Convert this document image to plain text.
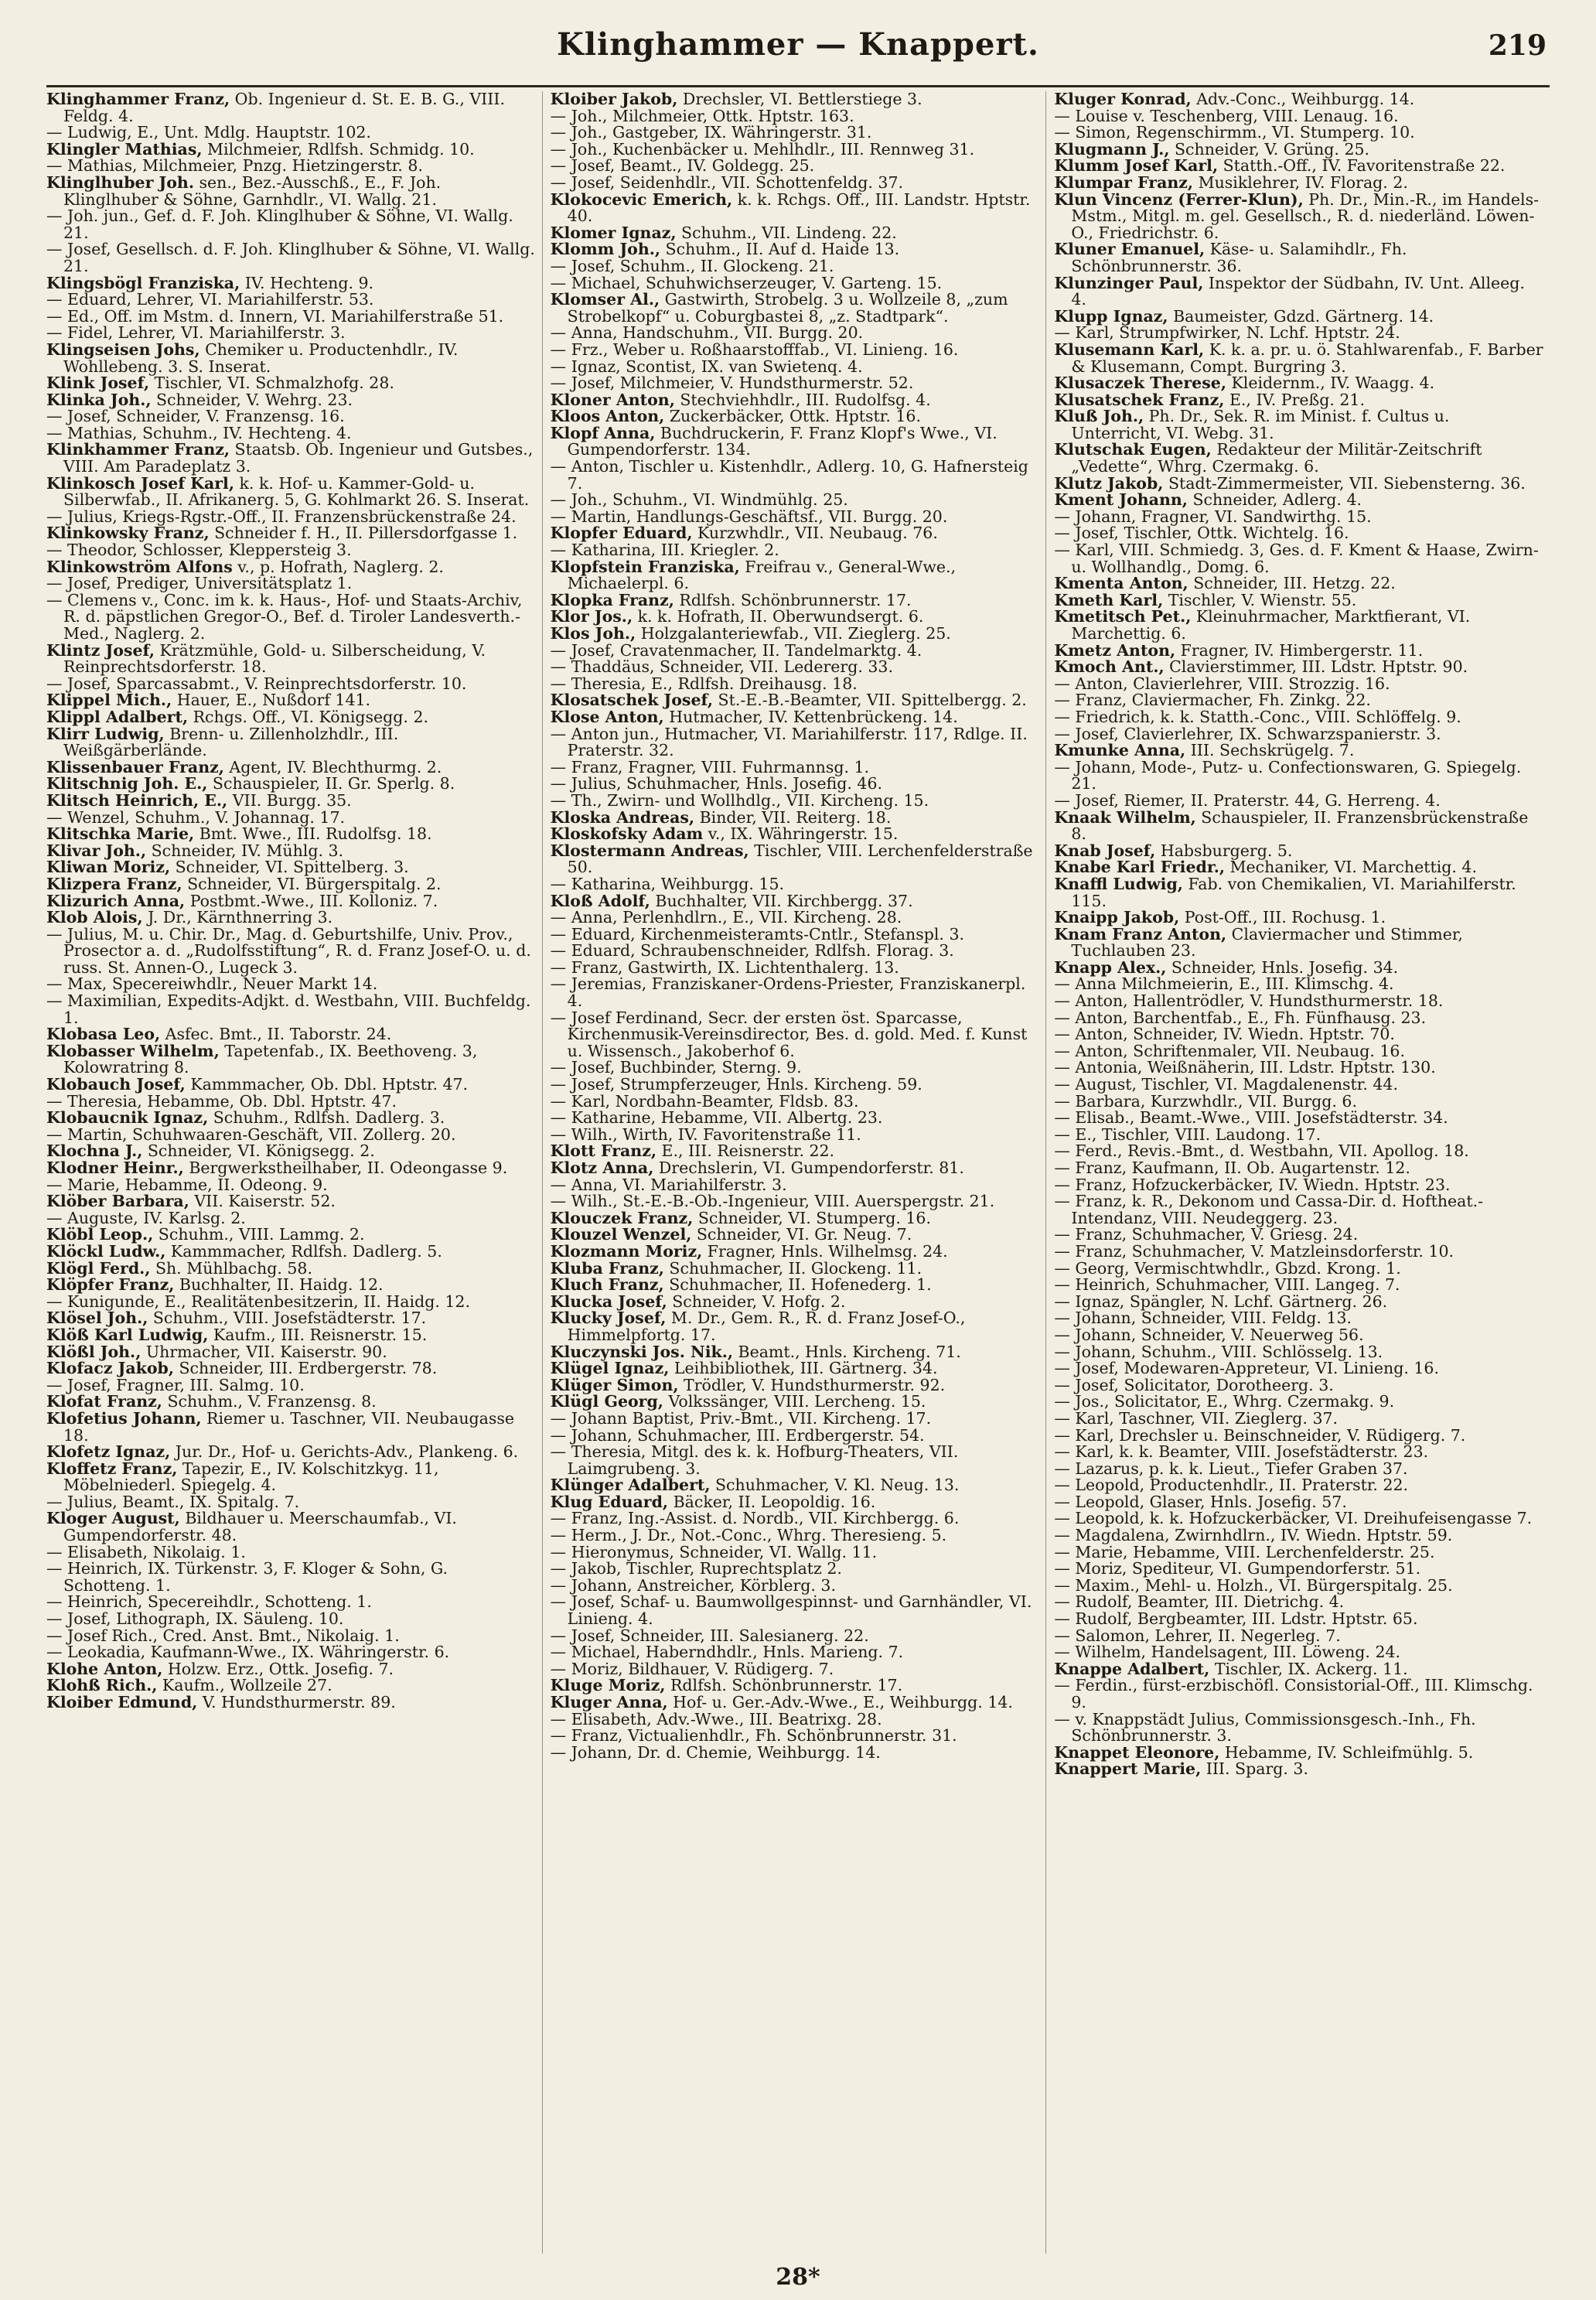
Klinghammer — Knappert.	219
Klinghammer Franz, Ob. Ingenieur d. St. E. B. G., VIII. Feldg. 4.
— Ludwig, E., Unt. Mdlg. Hauptstr. 102.
Klingler Mathias, Milchmeier, Rdlfsh. Schmidg. 10.
— Mathias, Milchmeier, Pnzg. Hietzingerstr. 8.
Klinglhuber Joh. sen., Bez.-Ausschß., E., F. Joh. Klinglhuber & Söhne, Garnhdlr., VI. Wallg. 21.
— Joh. jun., Gef. d. F. Joh. Klinglhuber & Söhne, VI. Wallg. 21.
— Josef, Gesellsch. d. F. Joh. Klinglhuber & Söhne, VI. Wallg. 21.
Klingsbögl Franziska, IV. Hechteng. 9.
— Eduard, Lehrer, VI. Mariahilferstr. 53.
— Ed., Off. im Mstm. d. Innern, VI. Mariahilferstraße 51.
— Fidel, Lehrer, VI. Mariahilferstr. 3.
Klingseisen Johs, Chemiker u. Productenhdlr., IV. Wohllebeng. 3. S. Inserat.
Klink Josef, Tischler, VI. Schmalzhofg. 28.
Klinka Joh., Schneider, V. Wehrg. 23.
— Josef, Schneider, V. Franzensg. 16.
— Mathias, Schuhm., IV. Hechteng. 4.
Klinkhammer Franz, Staatsb. Ob. Ingenieur und Gutsbes., VIII. Am Paradeplatz 3.
Klinkosch Josef Karl, k. k. Hof- u. Kammer-Gold- u. Silberwfab., II. Afrikanerg. 5, G. Kohlmarkt 26. S. Inserat.
— Julius, Kriegs-Rgstr.-Off., II. Franzensbrückenstraße 24.
Klinkowsky Franz, Schneider f. H., II. Pillersdorfgasse 1.
— Theodor, Schlosser, Kleppersteig 3.
Klinkowström Alfons v., p. Hofrath, Naglerg. 2.
— Josef, Prediger, Universitätsplatz 1.
— Clemens v., Conc. im k. k. Haus-, Hof- und Staats-Archiv, R. d. päpstlichen Gregor-O., Bef. d. Tiroler Landesverth.-Med., Naglerg. 2.
Klintz Josef, Krätzmühle, Gold- u. Silberscheidung, V. Reinprechtsdorferstr. 18.
— Josef, Sparcassabmt., V. Reinprechtsdorferstr. 10.
Klippel Mich., Hauer, E., Nußdorf 141.
Klippl Adalbert, Rchgs. Off., VI. Königsegg. 2.
Klirr Ludwig, Brenn- u. Zillenholzhdlr., III. Weißgärberlände.
Klissenbauer Franz, Agent, IV. Blechthurmg. 2.
Klitschnig Joh. E., Schauspieler, II. Gr. Sperlg. 8.
Klitsch Heinrich, E., VII. Burgg. 35.
— Wenzel, Schuhm., V. Johannag. 17.
Klitschka Marie, Bmt. Wwe., III. Rudolfsg. 18.
Klivar Joh., Schneider, IV. Mühlg. 3.
Kliwan Moriz, Schneider, VI. Spittelberg. 3.
Klizpera Franz, Schneider, VI. Bürgerspitalg. 2.
Klizurich Anna, Postbmt.-Wwe., III. Kolloniz. 7.
Klob Alois, J. Dr., Kärnthnerring 3.
— Julius, M. u. Chir. Dr., Mag. d. Geburtshilfe, Univ. Prov., Prosector a. d. „Rudolfsstiftung“, R. d. Franz Josef-O. u. d. russ. St. Annen-O., Lugeck 3.
— Max, Specereiwhdlr., Neuer Markt 14.
— Maximilian, Expedits-Adjkt. d. Westbahn, VIII. Buchfeldg. 1.
Klobasa Leo, Asfec. Bmt., II. Taborstr. 24.
Klobasser Wilhelm, Tapetenfab., IX. Beethoveng. 3, Kolowratring 8.
Klobauch Josef, Kammmacher, Ob. Dbl. Hptstr. 47.
— Theresia, Hebamme, Ob. Dbl. Hptstr. 47.
Klobaucnik Ignaz, Schuhm., Rdlfsh. Dadlerg. 3.
— Martin, Schuhwaaren-Geschäft, VII. Zollerg. 20.
Klochna J., Schneider, VI. Königsegg. 2.
Klodner Heinr., Bergwerkstheilhaber, II. Odeongasse 9.
— Marie, Hebamme, II. Odeong. 9.
Klöber Barbara, VII. Kaiserstr. 52.
— Auguste, IV. Karlsg. 2.
Klöbl Leop., Schuhm., VIII. Lammg. 2.
Klöckl Ludw., Kammmacher, Rdlfsh. Dadlerg. 5.
Klögl Ferd., Sh. Mühlbachg. 58.
Klöpfer Franz, Buchhalter, II. Haidg. 12.
— Kunigunde, E., Realitätenbesitzerin, II. Haidg. 12.
Klösel Joh., Schuhm., VIII. Josefstädterstr. 17.
Klöß Karl Ludwig, Kaufm., III. Reisnerstr. 15.
Klößl Joh., Uhrmacher, VII. Kaiserstr. 90.
Klofacz Jakob, Schneider, III. Erdbergerstr. 78.
— Josef, Fragner, III. Salmg. 10.
Klofat Franz, Schuhm., V. Franzensg. 8.
Klofetius Johann, Riemer u. Taschner, VII. Neubaugasse 18.
Klofetz Ignaz, Jur. Dr., Hof- u. Gerichts-Adv., Plankeng. 6.
Kloffetz Franz, Tapezir, E., IV. Kolschitzkyg. 11, Möbelniederl. Spiegelg. 4.
— Julius, Beamt., IX. Spitalg. 7.
Kloger August, Bildhauer u. Meerschaumfab., VI. Gumpendorferstr. 48.
— Elisabeth, Nikolaig. 1.
— Heinrich, IX. Türkenstr. 3, F. Kloger & Sohn, G. Schotteng. 1.
— Heinrich, Specereihdlr., Schotteng. 1.
— Josef, Lithograph, IX. Säuleng. 10.
— Josef Rich., Cred. Anst. Bmt., Nikolaig. 1.
— Leokadia, Kaufmann-Wwe., IX. Währingerstr. 6.
Klohe Anton, Holzw. Erz., Ottk. Josefig. 7.
Klohß Rich., Kaufm., Wollzeile 27.
Kloiber Edmund, V. Hundsthurmerstr. 89.
Kloiber Jakob, Drechsler, VI. Bettlerstiege 3.
— Joh., Milchmeier, Ottk. Hptstr. 163.
— Joh., Gastgeber, IX. Währingerstr. 31.
— Joh., Kuchenbäcker u. Mehlhdlr., III. Rennweg 31.
— Josef, Beamt., IV. Goldegg. 25.
— Josef, Seidenhdlr., VII. Schottenfeldg. 37.
Klokocevic Emerich, k. k. Rchgs. Off., III. Landstr. Hptstr. 40.
Klomer Ignaz, Schuhm., VII. Lindeng. 22.
Klomm Joh., Schuhm., II. Auf d. Haide 13.
— Josef, Schuhm., II. Glockeng. 21.
— Michael, Schuhwichserzeuger, V. Garteng. 15.
Klomser Al., Gastwirth, Strobelg. 3 u. Wollzeile 8, „zum Strobelkopf“ u. Coburgbastei 8, „z. Stadtpark“.
— Anna, Handschuhm., VII. Burgg. 20.
— Frz., Weber u. Roßhaarstofffab., VI. Linieng. 16.
— Ignaz, Scontist, IX. van Swietenq. 4.
— Josef, Milchmeier, V. Hundsthurmerstr. 52.
Kloner Anton, Stechviehhdlr., III. Rudolfsg. 4.
Kloos Anton, Zuckerbäcker, Ottk. Hptstr. 16.
Klopf Anna, Buchdruckerin, F. Franz Klopf's Wwe., VI. Gumpendorferstr. 134.
— Anton, Tischler u. Kistenhdlr., Adlerg. 10, G. Hafnersteig 7.
— Joh., Schuhm., VI. Windmühlg. 25.
— Martin, Handlungs-Geschäftsf., VII. Burgg. 20.
Klopfer Eduard, Kurzwhdlr., VII. Neubaug. 76.
— Katharina, III. Kriegler. 2.
Klopfstein Franziska, Freifrau v., General-Wwe., Michaelerpl. 6.
Klopka Franz, Rdlfsh. Schönbrunnerstr. 17.
Klor Jos., k. k. Hofrath, II. Oberwundsergt. 6.
Klos Joh., Holzgalanteriewfab., VII. Zieglerg. 25.
— Josef, Cravatenmacher, II. Tandelmarktg. 4.
— Thaddäus, Schneider, VII. Ledererg. 33.
— Theresia, E., Rdlfsh. Dreihausg. 18.
Klosatschek Josef, St.-E.-B.-Beamter, VII. Spittelbergg. 2.
Klose Anton, Hutmacher, IV. Kettenbrückeng. 14.
— Anton jun., Hutmacher, VI. Mariahilferstr. 117, Rdlge. II. Praterstr. 32.
— Franz, Fragner, VIII. Fuhrmannsg. 1.
— Julius, Schuhmacher, Hnls. Josefig. 46.
— Th., Zwirn- und Wollhdlg., VII. Kircheng. 15.
Kloska Andreas, Binder, VII. Reiterg. 18.
Kloskofsky Adam v., IX. Währingerstr. 15.
Klostermann Andreas, Tischler, VIII. Lerchenfelderstraße 50.
— Katharina, Weihburgg. 15.
Kloß Adolf, Buchhalter, VII. Kirchbergg. 37.
— Anna, Perlenhdlrn., E., VII. Kircheng. 28.
— Eduard, Kirchenmeisteramts-Cntlr., Stefanspl. 3.
— Eduard, Schraubenschneider, Rdlfsh. Florag. 3.
— Franz, Gastwirth, IX. Lichtenthalerg. 13.
— Jeremias, Franziskaner-Ordens-Priester, Franziskanerpl. 4.
— Josef Ferdinand, Secr. der ersten öst. Sparcasse, Kirchenmusik-Vereinsdirector, Bes. d. gold. Med. f. Kunst u. Wissensch., Jakoberhof 6.
— Josef, Buchbinder, Sterng. 9.
— Josef, Strumpferzeuger, Hnls. Kircheng. 59.
— Karl, Nordbahn-Beamter, Fldsb. 83.
— Katharine, Hebamme, VII. Albertg. 23.
— Wilh., Wirth, IV. Favoritenstraße 11.
Klott Franz, E., III. Reisnerstr. 22.
Klotz Anna, Drechslerin, VI. Gumpendorferstr. 81.
— Anna, VI. Mariahilferstr. 3.
— Wilh., St.-E.-B.-Ob.-Ingenieur, VIII. Auerspergstr. 21.
Klouczek Franz, Schneider, VI. Stumperg. 16.
Klouzel Wenzel, Schneider, VI. Gr. Neug. 7.
Klozmann Moriz, Fragner, Hnls. Wilhelmsg. 24.
Kluba Franz, Schuhmacher, II. Glockeng. 11.
Kluch Franz, Schuhmacher, II. Hofenederg. 1.
Klucka Josef, Schneider, V. Hofg. 2.
Klucky Josef, M. Dr., Gem. R., R. d. Franz Josef-O., Himmelpfortg. 17.
Kluczynski Jos. Nik., Beamt., Hnls. Kircheng. 71.
Klügel Ignaz, Leihbibliothek, III. Gärtnerg. 34.
Klüger Simon, Trödler, V. Hundsthurmerstr. 92.
Klügl Georg, Volkssänger, VIII. Lercheng. 15.
— Johann Baptist, Priv.-Bmt., VII. Kircheng. 17.
— Johann, Schuhmacher, III. Erdbergerstr. 54.
— Theresia, Mitgl. des k. k. Hofburg-Theaters, VII. Laimgrubeng. 3.
Klünger Adalbert, Schuhmacher, V. Kl. Neug. 13.
Klug Eduard, Bäcker, II. Leopoldig. 16.
— Franz, Ing.-Assist. d. Nordb., VII. Kirchbergg. 6.
— Herm., J. Dr., Not.-Conc., Whrg. Theresieng. 5.
— Hieronymus, Schneider, VI. Wallg. 11.
— Jakob, Tischler, Ruprechtsplatz 2.
— Johann, Anstreicher, Körblerg. 3.
— Josef, Schaf- u. Baumwollgespinnst- und Garnhändler, VI. Linieng. 4.
— Josef, Schneider, III. Salesianerg. 22.
— Michael, Haberndhdlr., Hnls. Marieng. 7.
— Moriz, Bildhauer, V. Rüdigerg. 7.
Kluge Moriz, Rdlfsh. Schönbrunnerstr. 17.
Kluger Anna, Hof- u. Ger.-Adv.-Wwe., E., Weihburgg. 14.
— Elisabeth, Adv.-Wwe., III. Beatrixg. 28.
— Franz, Victualienhdlr., Fh. Schönbrunnerstr. 31.
— Johann, Dr. d. Chemie, Weihburgg. 14.
Kluger Konrad, Adv.-Conc., Weihburgg. 14.
— Louise v. Teschenberg, VIII. Lenaug. 16.
— Simon, Regenschirmm., VI. Stumperg. 10.
Klugmann J., Schneider, V. Grüng. 25.
Klumm Josef Karl, Statth.-Off., IV. Favoritenstraße 22.
Klumpar Franz, Musiklehrer, IV. Florag. 2.
Klun Vincenz (Ferrer-Klun), Ph. Dr., Min.-R., im Handels-Mstm., Mitgl. m. gel. Gesellsch., R. d. niederländ. Löwen-O., Friedrichstr. 6.
Kluner Emanuel, Käse- u. Salamihdlr., Fh. Schönbrunnerstr. 36.
Klunzinger Paul, Inspektor der Südbahn, IV. Unt. Alleeg. 4.
Klupp Ignaz, Baumeister, Gdzd. Gärtnerg. 14.
— Karl, Strumpfwirker, N. Lchf. Hptstr. 24.
Klusemann Karl, K. k. a. pr. u. ö. Stahlwarenfab., F. Barber & Klusemann, Compt. Burgring 3.
Klusaczek Therese, Kleidernm., IV. Waagg. 4.
Klusatschek Franz, E., IV. Preßg. 21.
Kluß Joh., Ph. Dr., Sek. R. im Minist. f. Cultus u. Unterricht, VI. Webg. 31.
Klutschak Eugen, Redakteur der Militär-Zeitschrift „Vedette“, Whrg. Czermakg. 6.
Klutz Jakob, Stadt-Zimmermeister, VII. Siebensterng. 36.
Kment Johann, Schneider, Adlerg. 4.
— Johann, Fragner, VI. Sandwirthg. 15.
— Josef, Tischler, Ottk. Wichtelg. 16.
— Karl, VIII. Schmiedg. 3, Ges. d. F. Kment & Haase, Zwirn- u. Wollhandlg., Domg. 6.
Kmenta Anton, Schneider, III. Hetzg. 22.
Kmeth Karl, Tischler, V. Wienstr. 55.
Kmetitsch Pet., Kleinuhrmacher, Marktfierant, VI. Marchettig. 6.
Kmetz Anton, Fragner, IV. Himbergerstr. 11.
Kmoch Ant., Clavierstimmer, III. Ldstr. Hptstr. 90.
— Anton, Clavierlehrer, VIII. Strozzig. 16.
— Franz, Claviermacher, Fh. Zinkg. 22.
— Friedrich, k. k. Statth.-Conc., VIII. Schlöffelg. 9.
— Josef, Clavierlehrer, IX. Schwarzspanierstr. 3.
Kmunke Anna, III. Sechskrügelg. 7.
— Johann, Mode-, Putz- u. Confectionswaren, G. Spiegelg. 21.
— Josef, Riemer, II. Praterstr. 44, G. Herreng. 4.
Knaak Wilhelm, Schauspieler, II. Franzensbrückenstraße 8.
Knab Josef, Habsburgerg. 5.
Knabe Karl Friedr., Mechaniker, VI. Marchettig. 4.
Knaffl Ludwig, Fab. von Chemikalien, VI. Mariahilferstr. 115.
Knaipp Jakob, Post-Off., III. Rochusg. 1.
Knam Franz Anton, Claviermacher und Stimmer, Tuchlauben 23.
Knapp Alex., Schneider, Hnls. Josefig. 34.
— Anna Milchmeierin, E., III. Klimschg. 4.
— Anton, Hallentrödler, V. Hundsthurmerstr. 18.
— Anton, Barchentfab., E., Fh. Fünfhausg. 23.
— Anton, Schneider, IV. Wiedn. Hptstr. 70.
— Anton, Schriftenmaler, VII. Neubaug. 16.
— Antonia, Weißnäherin, III. Ldstr. Hptstr. 130.
— August, Tischler, VI. Magdalenenstr. 44.
— Barbara, Kurzwhdlr., VII. Burgg. 6.
— Elisab., Beamt.-Wwe., VIII. Josefstädterstr. 34.
— E., Tischler, VIII. Laudong. 17.
— Ferd., Revis.-Bmt., d. Westbahn, VII. Apollog. 18.
— Franz, Kaufmann, II. Ob. Augartenstr. 12.
— Franz, Hofzuckerbäcker, IV. Wiedn. Hptstr. 23.
— Franz, k. R., Dekonom und Cassa-Dir. d. Hoftheat.-Intendanz, VIII. Neudeggerg. 23.
— Franz, Schuhmacher, V. Griesg. 24.
— Franz, Schuhmacher, V. Matzleinsdorferstr. 10.
— Georg, Vermischtwhdlr., Gbzd. Krong. 1.
— Heinrich, Schuhmacher, VIII. Langeg. 7.
— Ignaz, Spängler, N. Lchf. Gärtnerg. 26.
— Johann, Schneider, VIII. Feldg. 13.
— Johann, Schneider, V. Neuerweg 56.
— Johann, Schuhm., VIII. Schlösselg. 13.
— Josef, Modewaren-Appreteur, VI. Linieng. 16.
— Josef, Solicitator, Dorotheerg. 3.
— Jos., Solicitator, E., Whrg. Czermakg. 9.
— Karl, Taschner, VII. Zieglerg. 37.
— Karl, Drechsler u. Beinschneider, V. Rüdigerg. 7.
— Karl, k. k. Beamter, VIII. Josefstädterstr. 23.
— Lazarus, p. k. k. Lieut., Tiefer Graben 37.
— Leopold, Productenhdlr., II. Praterstr. 22.
— Leopold, Glaser, Hnls. Josefig. 57.
— Leopold, k. k. Hofzuckerbäcker, VI. Dreihufeisengasse 7.
— Magdalena, Zwirnhdlrn., IV. Wiedn. Hptstr. 59.
— Marie, Hebamme, VIII. Lerchenfelderstr. 25.
— Moriz, Spediteur, VI. Gumpendorferstr. 51.
— Maxim., Mehl- u. Holzh., VI. Bürgerspitalg. 25.
— Rudolf, Beamter, III. Dietrichg. 4.
— Rudolf, Bergbeamter, III. Ldstr. Hptstr. 65.
— Salomon, Lehrer, II. Negerleg. 7.
— Wilhelm, Handelsagent, III. Löweng. 24.
Knappe Adalbert, Tischler, IX. Ackerg. 11.
— Ferdin., fürst-erzbischöfl. Consistorial-Off., III. Klimschg. 9.
— v. Knappstädt Julius, Commissionsgesch.-Inh., Fh. Schönbrunnerstr. 3.
Knappet Eleonore, Hebamme, IV. Schleifmühlg. 5.
Knappert Marie, III. Sparg. 3.
28*
